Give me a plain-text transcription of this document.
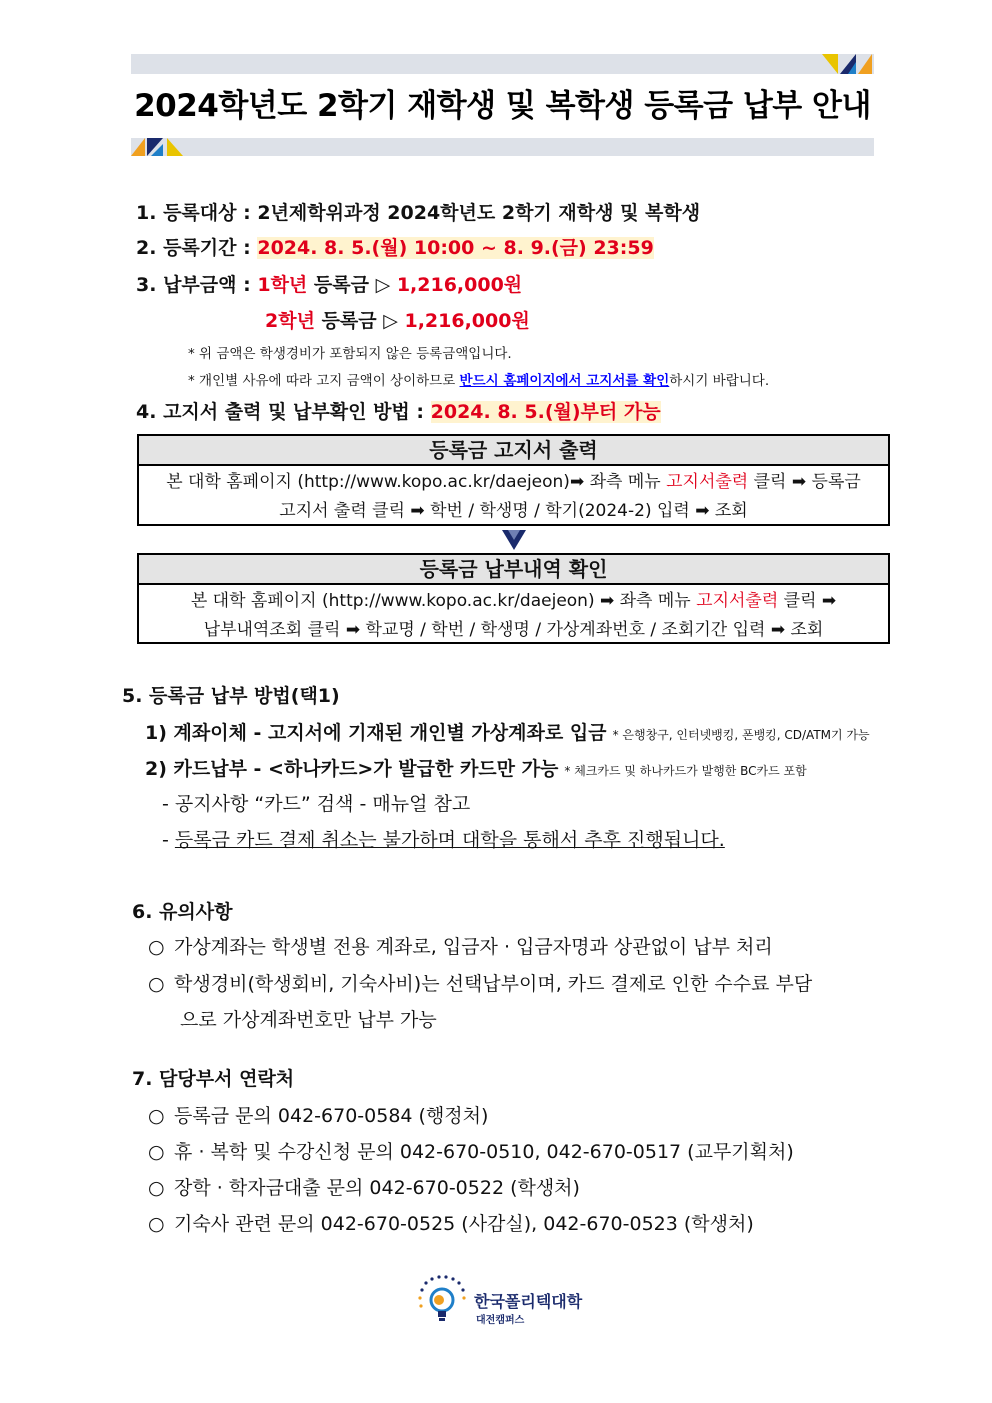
2024학년도 2학기 재학생 및 복학생 등록금 납부 안내
1. 등록대상 : 2년제학위과정 2024학년도 2학기 재학생 및 복학생
2. 등록기간 : 2024. 8. 5.(월) 10:00 ~ 8. 9.(금) 23:59
3. 납부금액 : 1학년 등록금 ▷ 1,216,000원
2학년 등록금 ▷ 1,216,000원
* 위 금액은 학생경비가 포함되지 않은 등록금액입니다.
* 개인별 사유에 따라 고지 금액이 상이하므로 반드시 홈페이지에서 고지서를 확인하시기 바랍니다.
4. 고지서 출력 및 납부확인 방법 : 2024. 8. 5.(월)부터 가능
등록금 고지서 출력
본 대학 홈페이지 (http://www.kopo.ac.kr/daejeon)➡ 좌측 메뉴 고지서출력 클릭 ➡ 등록금
고지서 출력 클릭 ➡ 학번 / 학생명 / 학기(2024-2) 입력 ➡ 조회
등록금 납부내역 확인
본 대학 홈페이지 (http://www.kopo.ac.kr/daejeon) ➡ 좌측 메뉴 고지서출력 클릭 ➡
납부내역조회 클릭 ➡ 학교명 / 학번 / 학생명 / 가상계좌번호 / 조회기간 입력 ➡ 조회
5. 등록금 납부 방법(택1)
1) 계좌이체 - 고지서에 기재된 개인별 가상계좌로 입금 * 은행창구, 인터넷뱅킹, 폰뱅킹, CD/ATM기 가능
2) 카드납부 - <하나카드>가 발급한 카드만 가능 * 체크카드 및 하나카드가 발행한 BC카드 포함
- 공지사항 “카드” 검색 - 매뉴얼 참고
- 등록금 카드 결제 취소는 불가하며 대학을 통해서 추후 진행됩니다.
6. 유의사항
○ 가상계좌는 학생별 전용 계좌로, 입금자 · 입금자명과 상관없이 납부 처리
○ 학생경비(학생회비, 기숙사비)는 선택납부이며, 카드 결제로 인한 수수료 부담
으로 가상계좌번호만 납부 가능
7. 담당부서 연락처
○ 등록금 문의 042-670-0584 (행정처)
○ 휴 · 복학 및 수강신청 문의 042-670-0510, 042-670-0517 (교무기획처)
○ 장학 · 학자금대출 문의 042-670-0522 (학생처)
○ 기숙사 관련 문의 042-670-0525 (사감실), 042-670-0523 (학생처)
한국폴리텍대학
대전캠퍼스
